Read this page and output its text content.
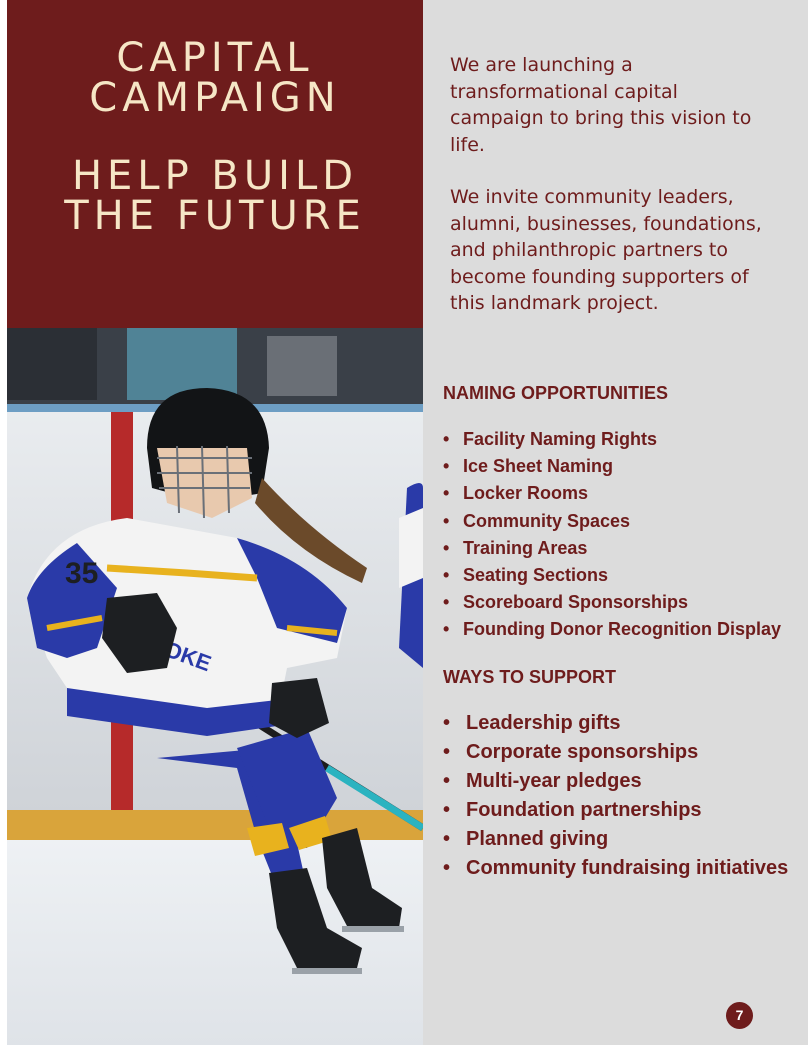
CAPITAL
CAMPAIGN
HELP BUILD
THE FUTURE
35

We are launching a transformational capital campaign to bring this vision to life.

We invite community leaders, alumni, businesses, foundations, and philanthropic partners to become founding supporters of this landmark project.

NAMING OPPORTUNITIES
• Facility Naming Rights
• Ice Sheet Naming
• Locker Rooms
• Community Spaces
• Training Areas
• Seating Sections
• Scoreboard Sponsorships
• Founding Donor Recognition Display
WAYS TO SUPPORT
• Leadership gifts
• Corporate sponsorships
• Multi-year pledges
• Foundation partnerships
• Planned giving
• Community fundraising initiatives
7
